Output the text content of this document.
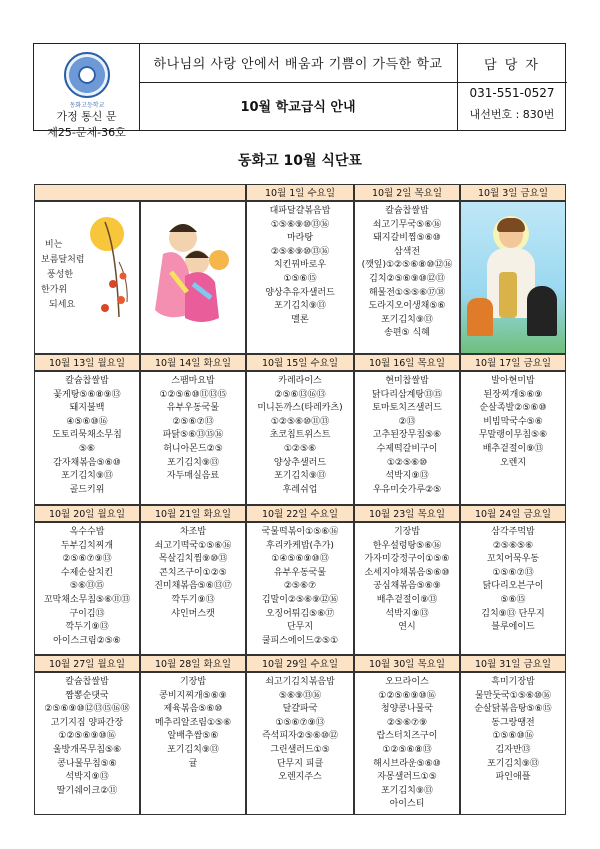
동화고등학교
가정 통신 문
제25-문체-36호
하나님의 사랑 안에서 배움과 기쁨이 가득한 학교
10월 학교급식 안내
담 당 자
031-551-0527
내선번호 : 830번
동화고 10월 식단표
비는 보름달처럼 풍성한 한가위 되세요
10월 1일 수요일
대파달걀볶음밥
①⑤⑥⑨⑩⑬⑯
마라탕
②⑤⑥⑨⑩⑬⑯
치킨꿔바로우
①⑤⑥⑮
양상추유자샐러드
포기김치⑨⑬
멜론
10월 2일 목요일
칼슘찹쌀밥
쇠고기무국⑤⑥⑯
돼지갈비찜⑤⑥⑩
삼색전
(깻잎)①②⑤⑥⑧⑩⑫⑯
김치②⑤⑥⑨⑩⑫⑬
해물전①⑤⑤⑥⑰⑱
도라지오이생채⑤⑥
포기김치⑨⑬
송편⑤ 식혜
10월 3일 금요일
10월 13일 월요일
칼슘찹쌀밥
꽃게탕⑤⑥⑧⑨⑬
돼지불백
④⑤⑥⑩⑯
도토리묵채소무침
⑤⑥
감자채볶음⑤⑥⑩
포기김치⑨⑬
골드키위
10월 14일 화요일
스팸마요밥
①②⑤⑥⑩⑪⑬⑮
유부우동국물
②⑤⑥⑦⑬
파닭⑤⑥⑬⑮⑯
허니아몬드②⑤
포기김치⑨⑬
자두매실음료
10월 15일 수요일
카레라이스
②⑤⑥⑬⑯⑬
미니돈까스(타레카츠)
①②⑤⑥⑩⑪⑬
초코칩트위스트
①②⑤⑥
양상추샐러드
포기김치⑨⑬
후레쉬업
10월 16일 목요일
현미찹쌀밥
닭다리삼계탕⑬⑮
토마토치즈샐러드
②⑬
고추된장무침⑤⑥
수제떡갈비구이
①②⑤⑥⑩
석박지⑨⑬
우유미숫가루②⑤
10월 17일 금요일
발아현미밥
된장찌개⑤⑥⑨
순살족발②⑤⑥⑩
비빔막국수⑤⑥
무말랭이무침⑤⑥
배추겉절이⑨⑬
오렌지
10월 20일 월요일
옥수수밥
두부김치찌개
②⑤⑥⑦⑨⑬
수제순살치킨
⑤⑥⑬⑮
꼬막채소무침⑤⑥⑪⑬
구이김⑬
깍두기⑨⑬
아이스크림②⑤⑥
10월 21일 화요일
차조밥
쇠고기떡국①⑤⑥⑯
목살김치찜⑨⑩⑬
콘치즈구이①②⑤
진미채볶음⑤⑥⑬⑰
깍두기⑨⑬
샤인머스캣
10월 22일 수요일
국물떡볶이①⑤⑥⑯
후리카케밥(추가)
①④⑤⑥⑨⑩⑬
유부우동국물
②⑤⑥⑦
김말이②⑤⑥⑨⑫⑯
오징어튀김⑤⑥⑰
단무지
쿨피스에이드②⑤①
10월 23일 목요일
기장밥
한우설렁탕⑤⑥⑯
가자미강정구이①⑤⑥
소세지야채볶음⑤⑥⑩
공심채볶음⑤⑥⑨
배추겉절이⑨⑬
석박지⑨⑬
연시
10월 24일 금요일
삼각주먹밥
②⑤⑥⑤⑥
꼬치어묵우동
①⑤⑥⑦⑬
닭다리오븐구이
⑤⑥⑮
김치⑨⑬ 단무지
블루에이드
10월 27일 월요일
칼슘찹쌀밥
짬뽕순댓국
②⑤⑥⑨⑩⑫⑬⑮⑯⑱
고기지짐 양파간장
①②⑤⑥⑨⑩⑯
울방개목무침⑤⑥
콩나물무침⑤⑥
석박지⑨⑬
딸기쉐이크②⑪
10월 28일 화요일
기장밥
콩비지찌개⑤⑥⑨
제육볶음⑤⑥⑩
메추리알조림①⑤⑥
알배추쌈⑤⑥
포기김치⑨⑬
귤
10월 29일 수요일
쇠고기김치볶음밥
⑤⑥⑨⑬⑯
달걀파국
①⑤⑥⑦⑨⑬
즉석피자②⑤⑥⑩⑫
그린샐러드①⑤
단무지 피클
오렌지주스
10월 30일 목요일
오므라이스
①②⑤⑥⑨⑩⑯
청양콩나물국
②⑤⑥⑦⑨
랍스터치즈구이
①②⑤⑥⑧⑬
해시브라운⑤⑥⑩
자몽샐러드①⑤
포기김치⑨⑬
아이스티
10월 31일 금요일
흑미기장밥
물만둣국①⑤⑥⑩⑯
순살닭볶음탕⑤⑥⑮
동그랑땡전
①⑤⑥⑩⑯
김자반⑬
포기김치⑨⑬
파인애플
